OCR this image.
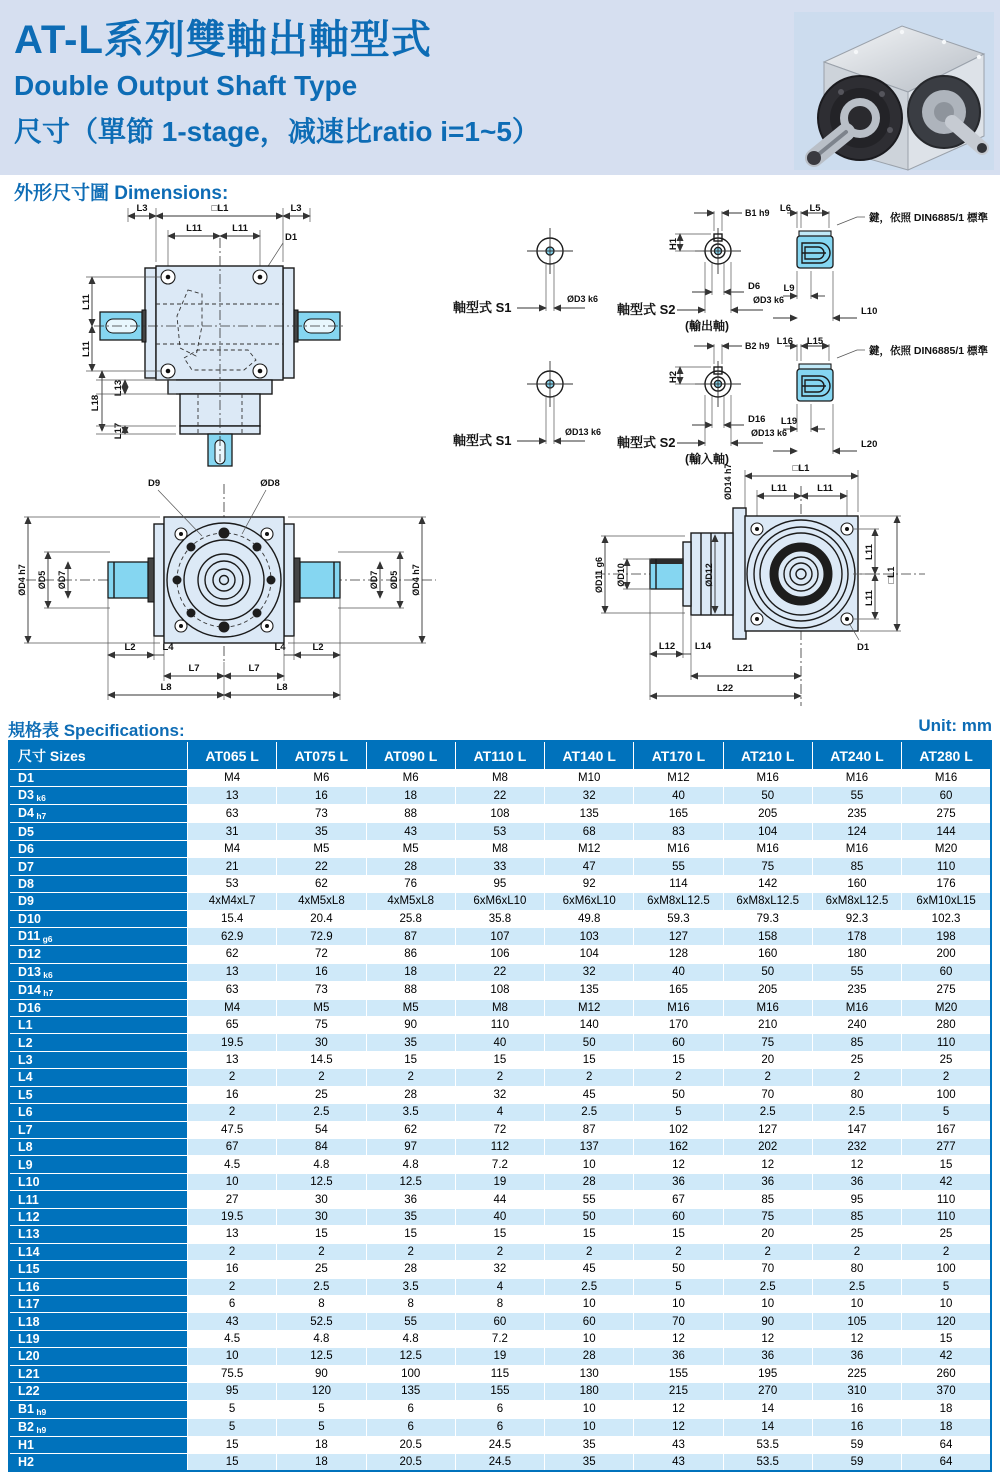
AT-L系列雙軸出軸型式
Double Output Shaft Type
尺寸（單節 1-stage，减速比ratio i=1~5）
外形尺寸圖 Dimensions:
L3	□L1	L3
L11	L11
D1
L11
L11
L18
L13
L17
軸型式 S1
ØD3 k6
B1 h9
H1
D6
ØD3 k6
軸型式 S2
(輸出軸)
L6 L5
鍵，依照 DIN6885/1 標準
L9
L10
軸型式 S1
ØD13 k6
B2 h9
H2
D16
ØD13 k6
軸型式 S2
(輸入軸)
L16 L15
鍵，依照 DIN6885/1 標準
L19
L20
D9	ØD8
ØD4 h7 ØD5 ØD7	ØD7 ØD5 ØD4 h7
L2	L4	L4	L2
L7	L7
L8	L8
□L1
L11	L11
ØD14 h7
ØD11 g6 ØD10	ØD12
L11
L11
□L1
D1
L12 L14
L21
L22
規格表 Specifications:	Unit: mm
尺寸 Sizes	AT065 L	AT075 L	AT090 L	AT110 L	AT140 L	AT170 L	AT210 L	AT240 L	AT280 L
D1	M4	M6	M6	M8	M10	M12	M16	M16	M16
D3 $_{k6}$	13	16	18	22	32	40	50	55	60
D4 $_{h7}$	63	73	88	108	135	165	205	235	275
D5	31	35	43	53	68	83	104	124	144
D6	M4	M5	M5	M8	M12	M16	M16	M16	M20
D7	21	22	28	33	47	55	75	85	110
D8	53	62	76	95	92	114	142	160	176
D9	4xM4xL7	4xM5xL8	4xM5xL8	6xM6xL10	6xM6xL10	6xM8xL12.5	6xM8xL12.5	6xM8xL12.5	6xM10xL15
D10	15.4	20.4	25.8	35.8	49.8	59.3	79.3	92.3	102.3
D11 $_{g6}$	62.9	72.9	87	107	103	127	158	178	198
D12	62	72	86	106	104	128	160	180	200
D13 $_{k6}$	13	16	18	22	32	40	50	55	60
D14 $_{h7}$	63	73	88	108	135	165	205	235	275
D16	M4	M5	M5	M8	M12	M16	M16	M16	M20
L1	65	75	90	110	140	170	210	240	280
L2	19.5	30	35	40	50	60	75	85	110
L3	13	14.5	15	15	15	15	20	25	25
L4	2	2	2	2	2	2	2	2	2
L5	16	25	28	32	45	50	70	80	100
L6	2	2.5	3.5	4	2.5	5	2.5	2.5	5
L7	47.5	54	62	72	87	102	127	147	167
L8	67	84	97	112	137	162	202	232	277
L9	4.5	4.8	4.8	7.2	10	12	12	12	15
L10	10	12.5	12.5	19	28	36	36	36	42
L11	27	30	36	44	55	67	85	95	110
L12	19.5	30	35	40	50	60	75	85	110
L13	13	15	15	15	15	15	20	25	25
L14	2	2	2	2	2	2	2	2	2
L15	16	25	28	32	45	50	70	80	100
L16	2	2.5	3.5	4	2.5	5	2.5	2.5	5
L17	6	8	8	8	10	10	10	10	10
L18	43	52.5	55	60	60	70	90	105	120
L19	4.5	4.8	4.8	7.2	10	12	12	12	15
L20	10	12.5	12.5	19	28	36	36	36	42
L21	75.5	90	100	115	130	155	195	225	260
L22	95	120	135	155	180	215	270	310	370
B1 $_{h9}$	5	5	6	6	10	12	14	16	18
B2 $_{h9}$	5	5	6	6	10	12	14	16	18
H1	15	18	20.5	24.5	35	43	53.5	59	64
H2	15	18	20.5	24.5	35	43	53.5	59	64
